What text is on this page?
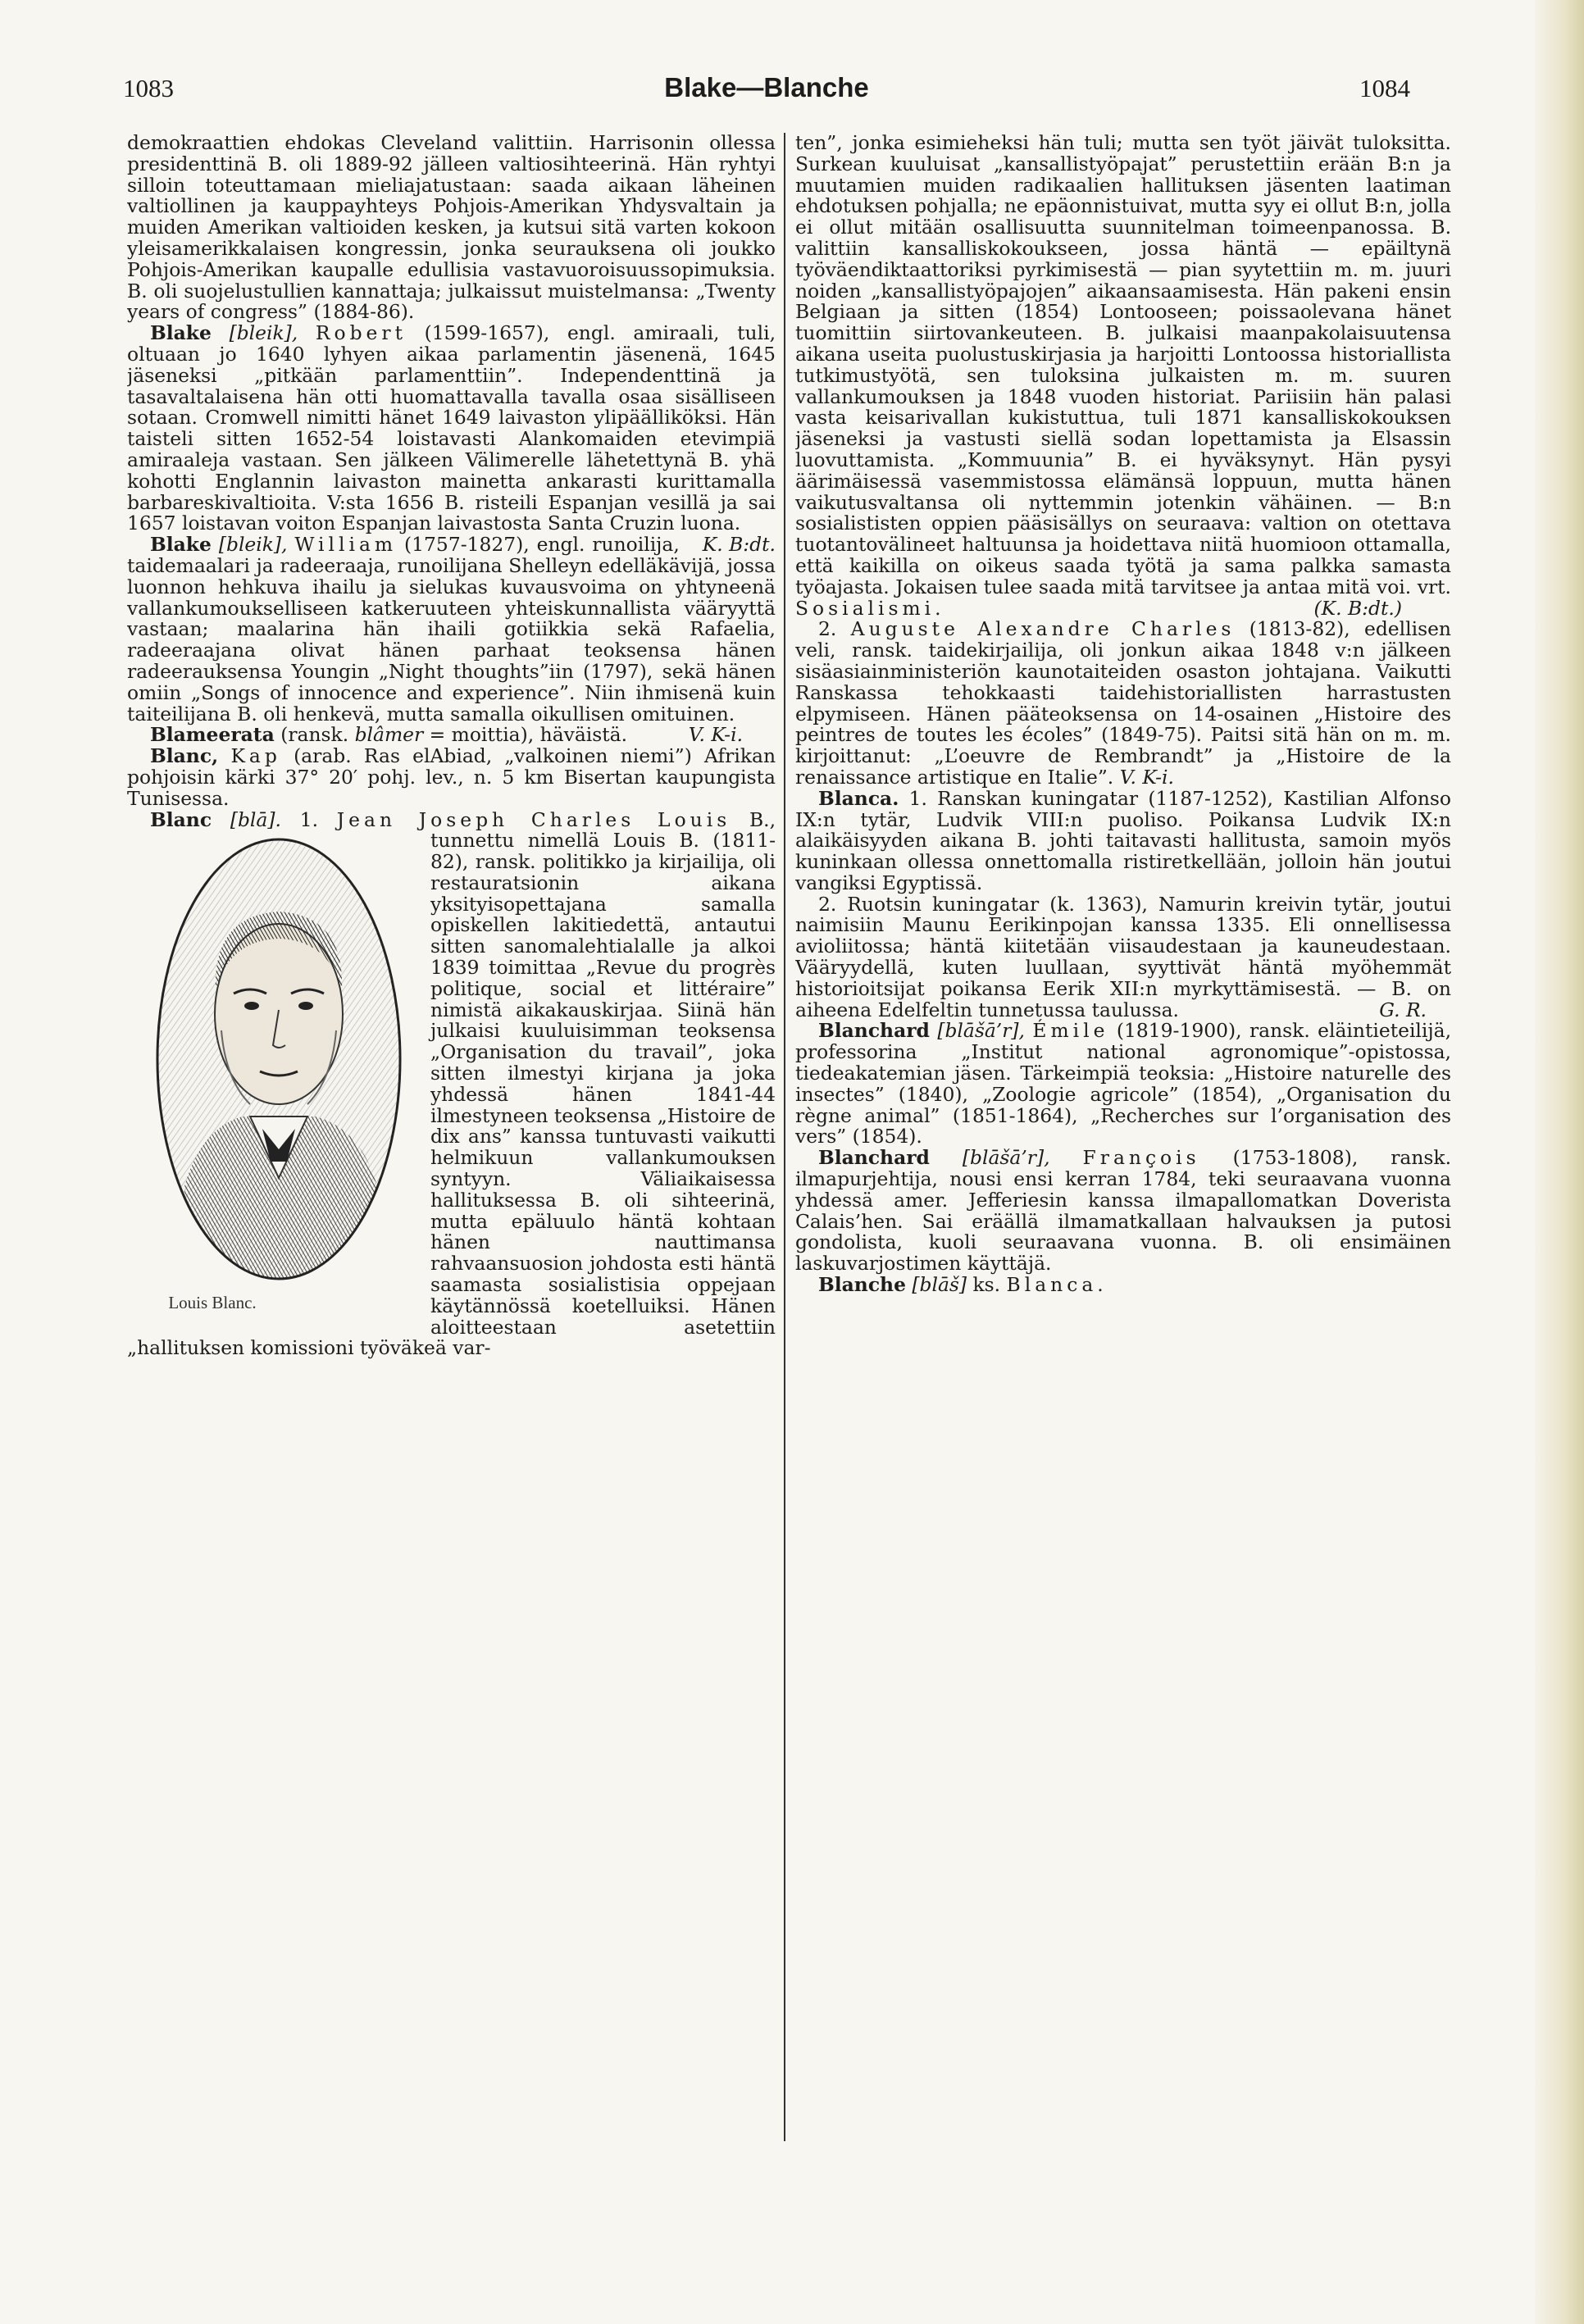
1083	Blake—Blanche	1084

demokraattien ehdokas Cleveland valittiin. Harrisonin ollessa presidenttinä B. oli 1889-92 jälleen valtiosihteerinä. Hän ryhtyi silloin toteuttamaan mieliajatustaan: saada aikaan läheinen valtiollinen ja kauppayhteys Pohjois-Amerikan Yhdysvaltain ja muiden Amerikan valtioiden kesken, ja kutsui sitä varten kokoon yleisamerikkalaisen kongressin, jonka seurauksena oli joukko Pohjois-Amerikan kaupalle edullisia vastavuoroisuussopimuksia. B. oli suojelustullien kannattaja; julkaissut muistelmansa: „Twenty years of congress” (1884-86).

Blake [bleik], Robert (1599-1657), engl. amiraali, tuli, oltuaan jo 1640 lyhyen aikaa parlamentin jäsenenä, 1645 jäseneksi „pitkään parlamenttiin”. Independenttinä ja tasavaltalaisena hän otti huomattavalla tavalla osaa sisälliseen sotaan. Cromwell nimitti hänet 1649 laivaston ylipäälliköksi. Hän taisteli sitten 1652-54 loistavasti Alankomaiden etevimpiä amiraaleja vastaan. Sen jälkeen Välimerelle lähetettynä B. yhä kohotti Englannin laivaston mainetta ankarasti kurittamalla barbareskivaltioita. V:sta 1656 B. risteili Espanjan vesillä ja sai 1657 loistavan voiton Espanjan laivastosta Santa Cruzin luona.
K. B:dt.

Blake [bleik], William (1757-1827), engl. runoilija, taidemaalari ja radeeraaja, runoilijana Shelleyn edelläkävijä, jossa luonnon hehkuva ihailu ja sielukas kuvausvoima on yhtyneenä vallankumoukselliseen katkeruuteen yhteiskunnallista vääryyttä vastaan; maalarina hän ihaili gotiikkia sekä Rafaelia, radeeraajana olivat hänen parhaat teoksensa hänen radeerauksensa Youngin „Night thoughts”iin (1797), sekä hänen omiin „Songs of innocence and experience”. Niin ihmisenä kuin taiteilijana B. oli henkevä, mutta samalla oikullisen omituinen.
V. K-i.

Blameerata (ransk. blâmer = moittia), häväistä.

Blanc, Kap (arab. Ras elAbiad, „valkoinen niemi”) Afrikan pohjoisin kärki 37° 20′ pohj. lev., n. 5 km Bisertan kaupungista Tunisessa.

Blanc [blā]. 1. Jean Joseph Charles Louis
Louis Blanc.
B., tunnettu nimellä Louis B. (1811-82), ransk. politikko ja kirjailija, oli restauratsionin aikana yksityisopettajana samalla opiskellen lakitiedettä, antautui sitten sanomalehtialalle ja alkoi 1839 toimittaa „Revue du progrès politique, social et littéraire” nimistä aikakauskirjaa. Siinä hän julkaisi kuuluisimman teoksensa „Organisation du travail”, joka sitten ilmestyi kirjana ja joka yhdessä hänen 1841-44 ilmestyneen teoksensa „Histoire de dix ans” kanssa tuntuvasti vaikutti helmikuun vallankumouksen syntyyn. Väliaikaisessa hallituksessa B. oli sihteerinä, mutta epäluulo häntä kohtaan hänen nauttimansa rahvaansuosion johdosta esti häntä saamasta sosialistisia oppejaan käytännössä koetelluiksi. Hänen aloitteestaan asetettiin „hallituksen komissioni työväkeä var-

ten”, jonka esimieheksi hän tuli; mutta sen työt jäivät tuloksitta. Surkean kuuluisat „kansallistyöpajat” perustettiin erään B:n ja muutamien muiden radikaalien hallituksen jäsenten laatiman ehdotuksen pohjalla; ne epäonnistuivat, mutta syy ei ollut B:n, jolla ei ollut mitään osallisuutta suunnitelman toimeenpanossa. B. valittiin kansalliskokoukseen, jossa häntä — epäiltynä työväendiktaattoriksi pyrkimisestä — pian syytettiin m. m. juuri noiden „kansallistyöpajojen” aikaansaamisesta. Hän pakeni ensin Belgiaan ja sitten (1854) Lontooseen; poissaolevana hänet tuomittiin siirtovankeuteen. B. julkaisi maanpakolaisuutensa aikana useita puolustuskirjasia ja harjoitti Lontoossa historiallista tutkimustyötä, sen tuloksina julkaisten m. m. suuren vallankumouksen ja 1848 vuoden historiat. Pariisiin hän palasi vasta keisarivallan kukistuttua, tuli 1871 kansalliskokouksen jäseneksi ja vastusti siellä sodan lopettamista ja Elsassin luovuttamista. „Kommuunia” B. ei hyväksynyt. Hän pysyi äärimäisessä vasemmistossa elämänsä loppuun, mutta hänen vaikutusvaltansa oli nyttemmin jotenkin vähäinen. — B:n sosialististen oppien pääsisällys on seuraava: valtion on otettava tuotantovälineet haltuunsa ja hoidettava niitä huomioon ottamalla, että kaikilla on oikeus saada työtä ja sama palkka samasta työajasta. Jokaisen tulee saada mitä tarvitsee ja antaa mitä voi. vrt. Sosialismi.	(K. B:dt.)

2. Auguste Alexandre Charles (1813-82), edellisen veli, ransk. taidekirjailija, oli jonkun aikaa 1848 v:n jälkeen sisäasiainministeriön kaunotaiteiden osaston johtajana. Vaikutti Ranskassa tehokkaasti taidehistoriallisten harrastusten elpymiseen. Hänen pääteoksensa on 14-osainen „Histoire des peintres de toutes les écoles” (1849-75). Paitsi sitä hän on m. m. kirjoittanut: „L’oeuvre de Rembrandt” ja „Histoire de la renaissance artistique en Italie”. V. K-i.

Blanca. 1. Ranskan kuningatar (1187-1252), Kastilian Alfonso IX:n tytär, Ludvik VIII:n puoliso. Poikansa Ludvik IX:n alaikäisyyden aikana B. johti taitavasti hallitusta, samoin myös kuninkaan ollessa onnettomalla ristiretkellään, jolloin hän joutui vangiksi Egyptissä.

2. Ruotsin kuningatar (k. 1363), Namurin kreivin tytär, joutui naimisiin Maunu Eerikinpojan kanssa 1335. Eli onnellisessa avioliitossa; häntä kiitetään viisaudestaan ja kauneudestaan. Vääryydellä, kuten luullaan, syyttivät häntä myöhemmät historioitsijat poikansa Eerik XII:n myrkyttämisestä. — B. on aiheena Edelfeltin tunnetussa taulussa.	G. R.

Blanchard [blāšā’r], Émile (1819-1900), ransk. eläintieteilijä, professorina „Institut national agronomique”-opistossa, tiedeakatemian jäsen. Tärkeimpiä teoksia: „Histoire naturelle des insectes” (1840), „Zoologie agricole” (1854), „Organisation du règne animal” (1851-1864), „Recherches sur l’organisation des vers” (1854).

Blanchard [blāšā’r], François (1753-1808), ransk. ilmapurjehtija, nousi ensi kerran 1784, teki seuraavana vuonna yhdessä amer. Jefferiesin kanssa ilmapallomatkan Doverista Calais’hen. Sai eräällä ilmamatkallaan halvauksen ja putosi gondolista, kuoli seuraavana vuonna. B. oli ensimäinen laskuvarjostimen käyttäjä.

Blanche [blāš] ks. Blanca.
